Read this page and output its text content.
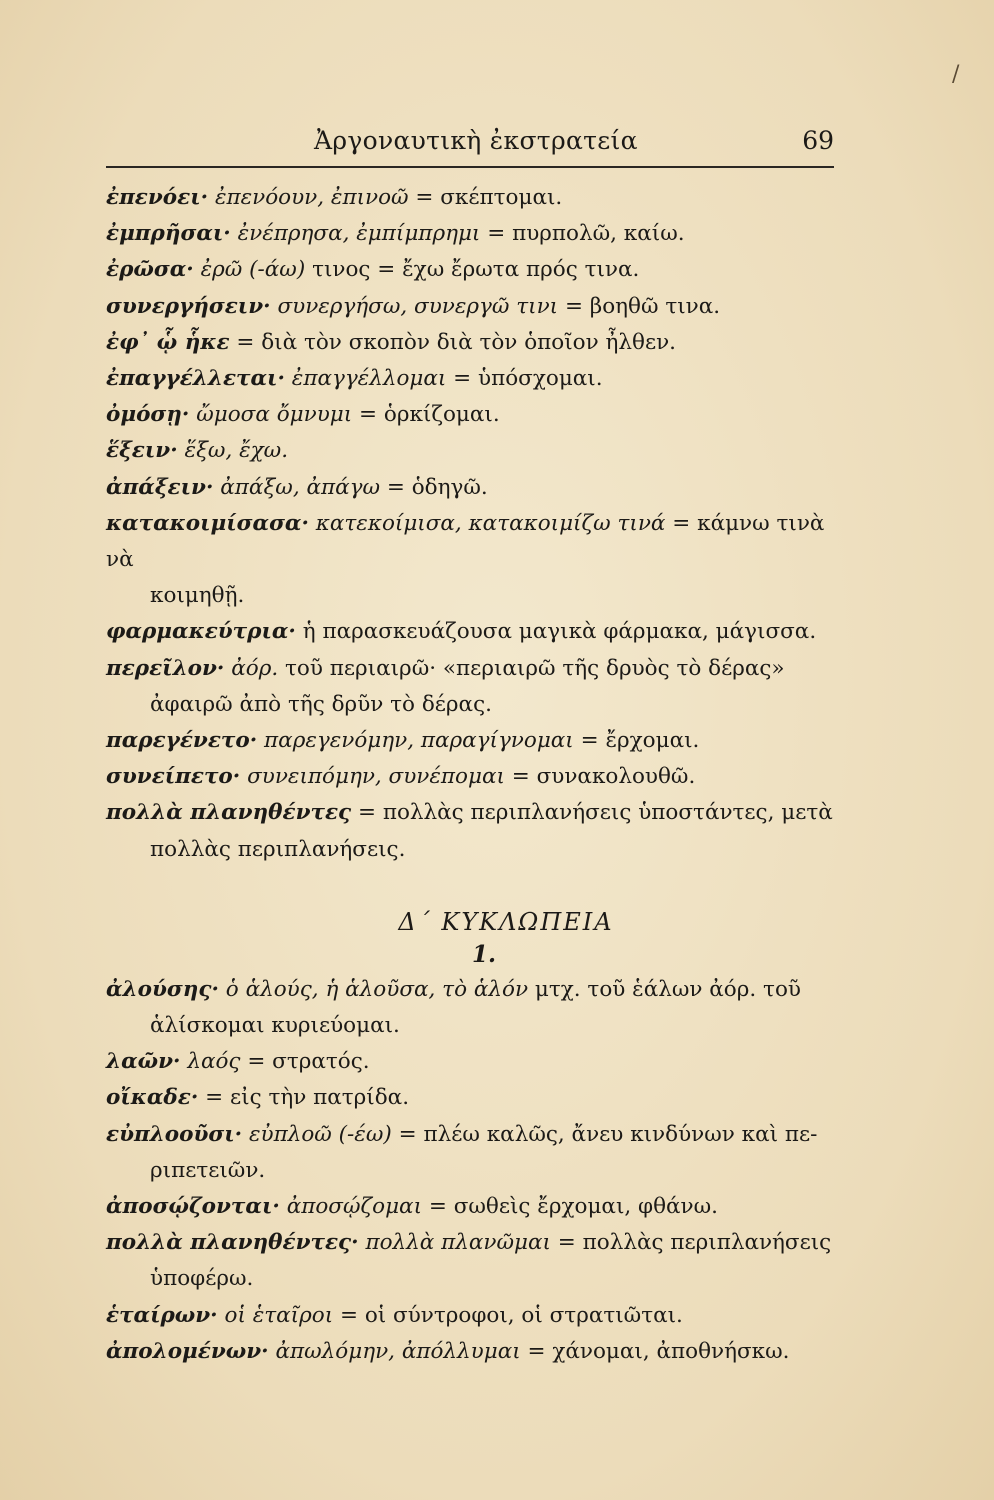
Ἀργοναυτικὴ ἐκστρατεία	69

ἐπενόει· ἐπενόουν, ἐπινοῶ = σκέπτομαι.

ἐμπρῆσαι· ἐνέπρησα, ἐμπίμπρημι = πυρπολῶ, καίω.

ἐρῶσα· ἐρῶ (-άω) τινος = ἔχω ἔρωτα πρός τινα.

συνεργήσειν· συνεργήσω, συνεργῶ τινι = βοηθῶ τινα.

ἐφ᾽ ᾧ ἧκε = διὰ τὸν σκοπὸν διὰ τὸν ὁποῖον ἦλθεν.

ἐπαγγέλλεται· ἐπαγγέλλομαι = ὑπόσχομαι.

ὀμόσῃ· ὤμοσα ὄμνυμι = ὁρκίζομαι.

ἕξειν· ἕξω, ἔχω.

ἀπάξειν· ἀπάξω, ἀπάγω = ὁδηγῶ.

κατακοιμίσασα· κατεκοίμισα, κατακοιμίζω τινά = κάμνω τινὰ νὰ
κοιμηθῇ.

φαρμακεύτρια· ἡ παρασκευάζουσα μαγικὰ φάρμακα, μάγισσα.

περεῖλον· ἀόρ. τοῦ περιαιρῶ· «περιαιρῶ τῆς δρυὸς τὸ δέρας»
ἀφαιρῶ ἀπὸ τῆς δρῦν τὸ δέρας.

παρεγένετο· παρεγενόμην, παραγίγνομαι = ἔρχομαι.

συνείπετο· συνειπόμην, συνέπομαι = συνακολουθῶ.

πολλὰ πλανηθέντες = πολλὰς περιπλανήσεις ὑποστάντες, μετὰ
πολλὰς περιπλανήσεις.

Δ΄ ΚΥΚΛΩΠΕΙΑ
1.

ἀλούσης· ὁ ἁλούς, ἡ ἁλοῦσα, τὸ ἁλόν μτχ. τοῦ ἑάλων ἀόρ. τοῦ
ἁλίσκομαι κυριεύομαι.

λαῶν· λαός = στρατός.

οἴκαδε· = εἰς τὴν πατρίδα.

εὐπλοοῦσι· εὐπλοῶ (-έω) = πλέω καλῶς, ἄνευ κινδύνων καὶ πε-
ριπετειῶν.

ἀποσῴζονται· ἀποσῴζομαι = σωθεὶς ἔρχομαι, φθάνω.

πολλὰ πλανηθέντες· πολλὰ πλανῶμαι = πολλὰς περιπλανήσεις
ὑποφέρω.

ἑταίρων· οἱ ἑταῖροι = οἱ σύντροφοι, οἱ στρατιῶται.

ἀπολομένων· ἀπωλόμην, ἀπόλλυμαι = χάνομαι, ἀποθνήσκω.

/
